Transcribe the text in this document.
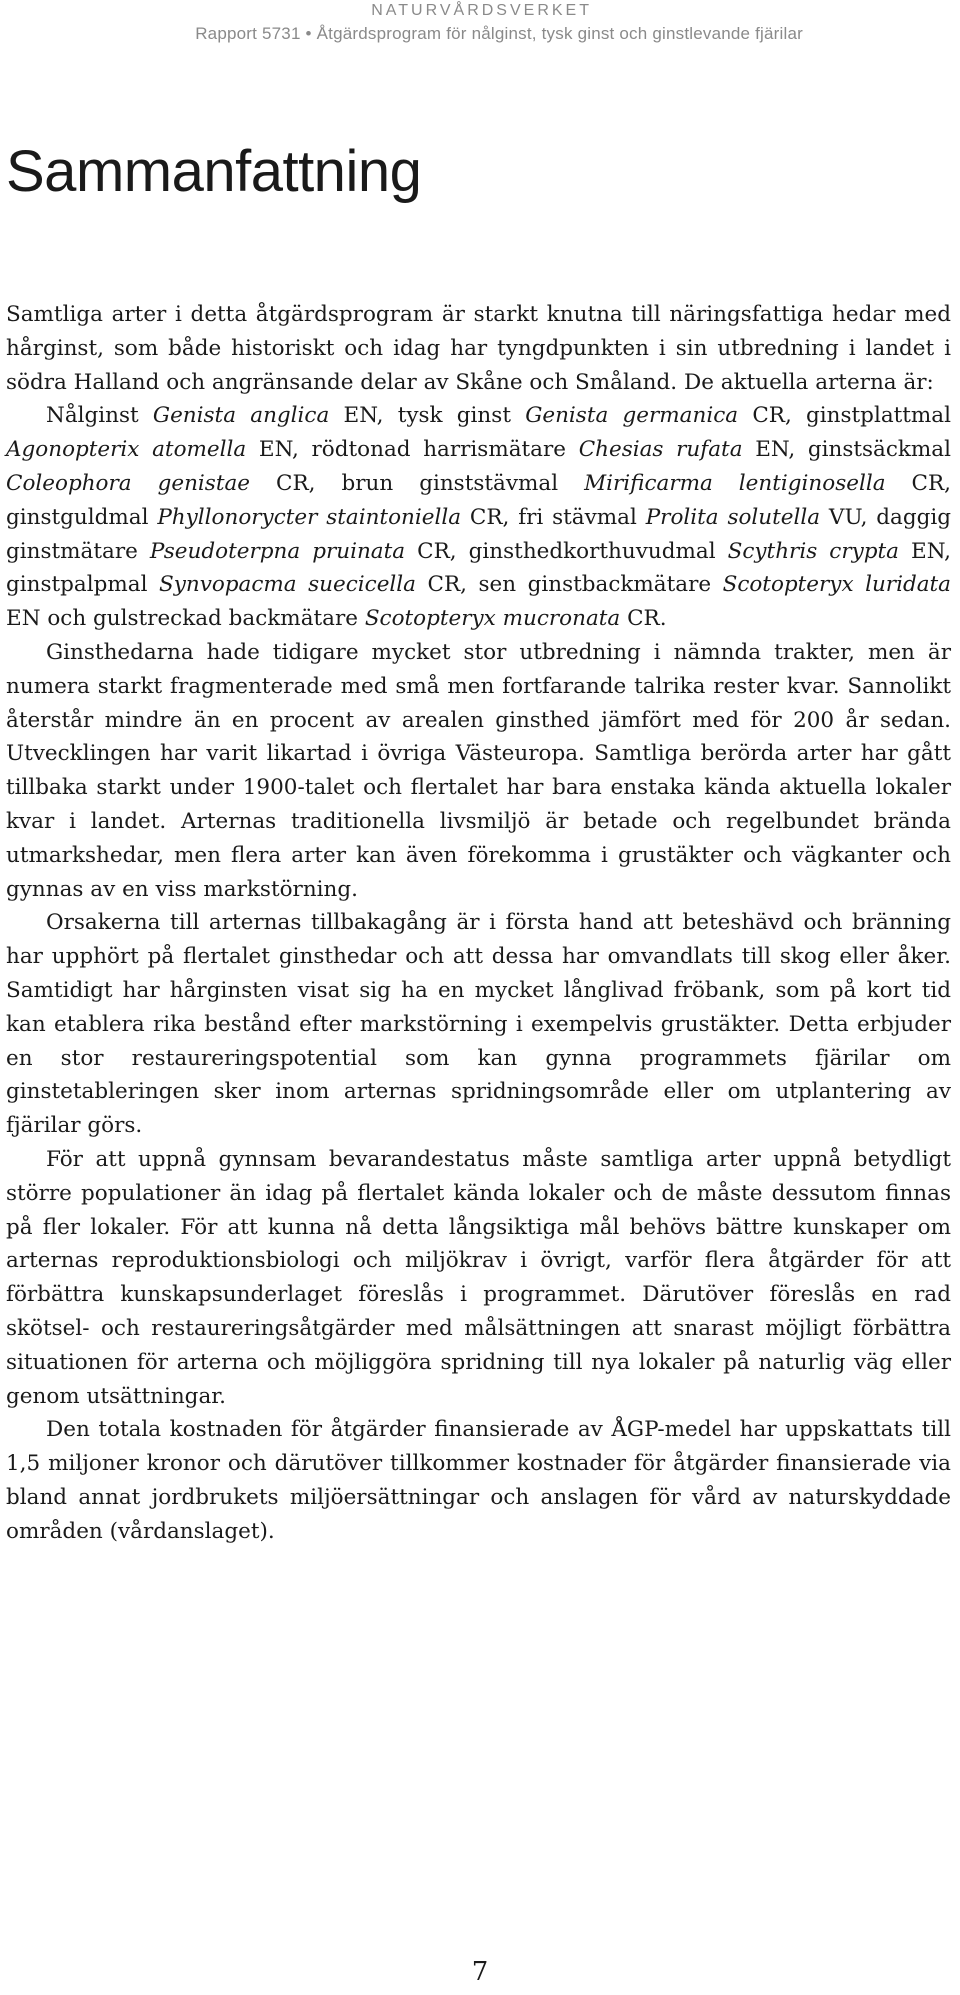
NATURVÅRDSVERKET
Rapport 5731 • Åtgärdsprogram för nålginst, tysk ginst och ginstlevande fjärilar
Sammanfattning

Samtliga arter i detta åtgärdsprogram är starkt knutna till näringsfattiga hedar med hårginst, som både historiskt och idag har tyngdpunkten i sin utbredning i landet i södra Halland och angränsande delar av Skåne och Småland. De aktuella arterna är:

Nålginst Genista anglica EN, tysk ginst Genista germanica CR, ginstplattmal Agonopterix atomella EN, rödtonad harrismätare Chesias rufata EN, ginstsäckmal Coleophora genistae CR, brun ginststävmal Mirificarma lentiginosella CR, ginstguldmal Phyllonorycter staintoniella CR, fri stävmal Prolita solutella VU, daggig ginstmätare Pseudoterpna pruinata CR, ginsthedkorthuvudmal Scythris crypta EN, ginstpalpmal Synvopacma suecicella CR, sen ginstbackmätare Scotopteryx luridata EN och gulstreckad backmätare Scotopteryx mucronata CR.

Ginsthedarna hade tidigare mycket stor utbredning i nämnda trakter, men är numera starkt fragmenterade med små men fortfarande talrika rester kvar. Sannolikt återstår mindre än en procent av arealen ginsthed jämfört med för 200 år sedan. Utvecklingen har varit likartad i övriga Västeuropa. Samtliga berörda arter har gått tillbaka starkt under 1900-talet och flertalet har bara enstaka kända aktuella lokaler kvar i landet. Arternas traditionella livsmiljö är betade och regelbundet brända utmarkshedar, men flera arter kan även förekomma i grustäkter och vägkanter och gynnas av en viss markstörning.

Orsakerna till arternas tillbakagång är i första hand att beteshävd och bränning har upphört på flertalet ginsthedar och att dessa har omvandlats till skog eller åker. Samtidigt har hårginsten visat sig ha en mycket långlivad fröbank, som på kort tid kan etablera rika bestånd efter markstörning i exempelvis grustäkter. Detta erbjuder en stor restaureringspotential som kan gynna programmets fjärilar om ginstetableringen sker inom arternas spridningsområde eller om utplantering av fjärilar görs.

För att uppnå gynnsam bevarandestatus måste samtliga arter uppnå betydligt större populationer än idag på flertalet kända lokaler och de måste dessutom finnas på fler lokaler. För att kunna nå detta långsiktiga mål behövs bättre kunskaper om arternas reproduktionsbiologi och miljökrav i övrigt, varför flera åtgärder för att förbättra kunskapsunderlaget föreslås i programmet. Därutöver föreslås en rad skötsel- och restaureringsåtgärder med målsättningen att snarast möjligt förbättra situationen för arterna och möjliggöra spridning till nya lokaler på naturlig väg eller genom utsättningar.

Den totala kostnaden för åtgärder finansierade av ÅGP-medel har uppskattats till 1,5 miljoner kronor och därutöver tillkommer kostnader för åtgärder finansierade via bland annat jordbrukets miljöersättningar och anslagen för vård av naturskyddade områden (vårdanslaget).

7
